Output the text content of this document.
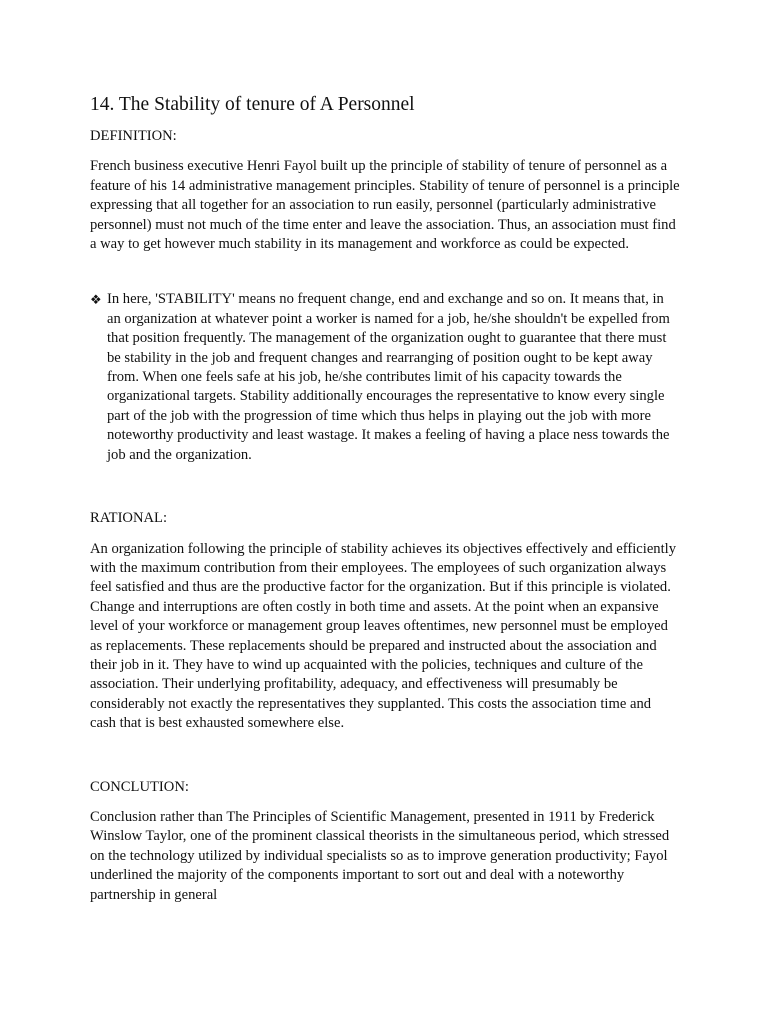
14. The Stability of tenure of A Personnel
DEFINITION:

French business executive Henri Fayol built up the principle of stability of tenure of personnel as a feature of his 14 administrative management principles. Stability of tenure of personnel is a principle expressing that all together for an association to run easily, personnel (particularly administrative personnel) must not much of the time enter and leave the association. Thus, an association must find a way to get however much stability in its management and workforce as could be expected.

❖ In here, 'STABILITY' means no frequent change, end and exchange and so on. It means that, in an organization at whatever point a worker is named for a job, he/she shouldn't be expelled from that position frequently. The management of the organization ought to guarantee that there must be stability in the job and frequent changes and rearranging of position ought to be kept away from. When one feels safe at his job, he/she contributes limit of his capacity towards the organizational targets. Stability additionally encourages the representative to know every single part of the job with the progression of time which thus helps in playing out the job with more noteworthy productivity and least wastage. It makes a feeling of having a place ness towards the job and the organization.
RATIONAL:

An organization following the principle of stability achieves its objectives effectively and efficiently with the maximum contribution from their employees. The employees of such organization always feel satisfied and thus are the productive factor for the organization. But if this principle is violated. Change and interruptions are often costly in both time and assets. At the point when an expansive level of your workforce or management group leaves oftentimes, new personnel must be employed as replacements. These replacements should be prepared and instructed about the association and their job in it. They have to wind up acquainted with the policies, techniques and culture of the association. Their underlying profitability, adequacy, and effectiveness will presumably be considerably not exactly the representatives they supplanted. This costs the association time and cash that is best exhausted somewhere else.

CONCLUTION:

Conclusion rather than The Principles of Scientific Management, presented in 1911 by Frederick Winslow Taylor, one of the prominent classical theorists in the simultaneous period, which stressed on the technology utilized by individual specialists so as to improve generation productivity; Fayol underlined the majority of the components important to sort out and deal with a noteworthy partnership in general
